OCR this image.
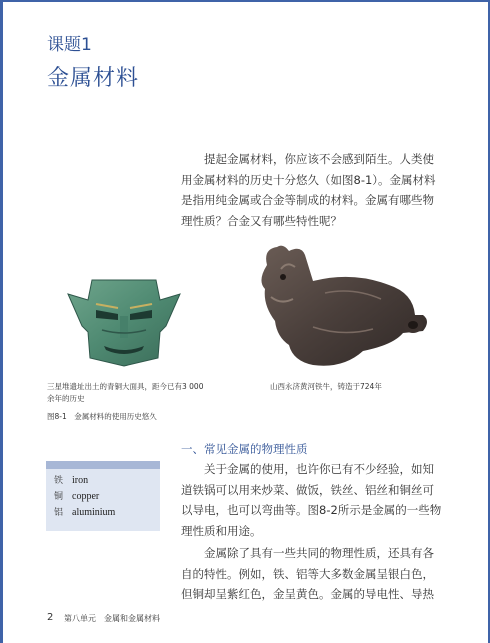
课题1
金属材料

提起金属材料，你应该不会感到陌生。人类使用金属材料的历史十分悠久（如图8-1）。金属材料是指用纯金属或合金等制成的材料。金属有哪些物理性质？合金又有哪些特性呢？

三星堆遗址出土的青铜大面具，距今已有3 000余年的历史
山西永济黄河铁牛，铸造于724年
图8-1　金属材料的使用历史悠久
一、常见金属的物理性质

关于金属的使用，也许你已有不少经验，如知道铁锅可以用来炒菜、做饭，铁丝、铝丝和铜丝可以导电，也可以弯曲等。图8-2所示是金属的一些物理性质和用途。

金属除了具有一些共同的物理性质，还具有各自的特性。例如，铁、铝等大多数金属呈银白色，但铜却呈紫红色，金呈黄色。金属的导电性、导热

铁 iron
铜 copper
铝 aluminium
2 第八单元　金属和金属材料
